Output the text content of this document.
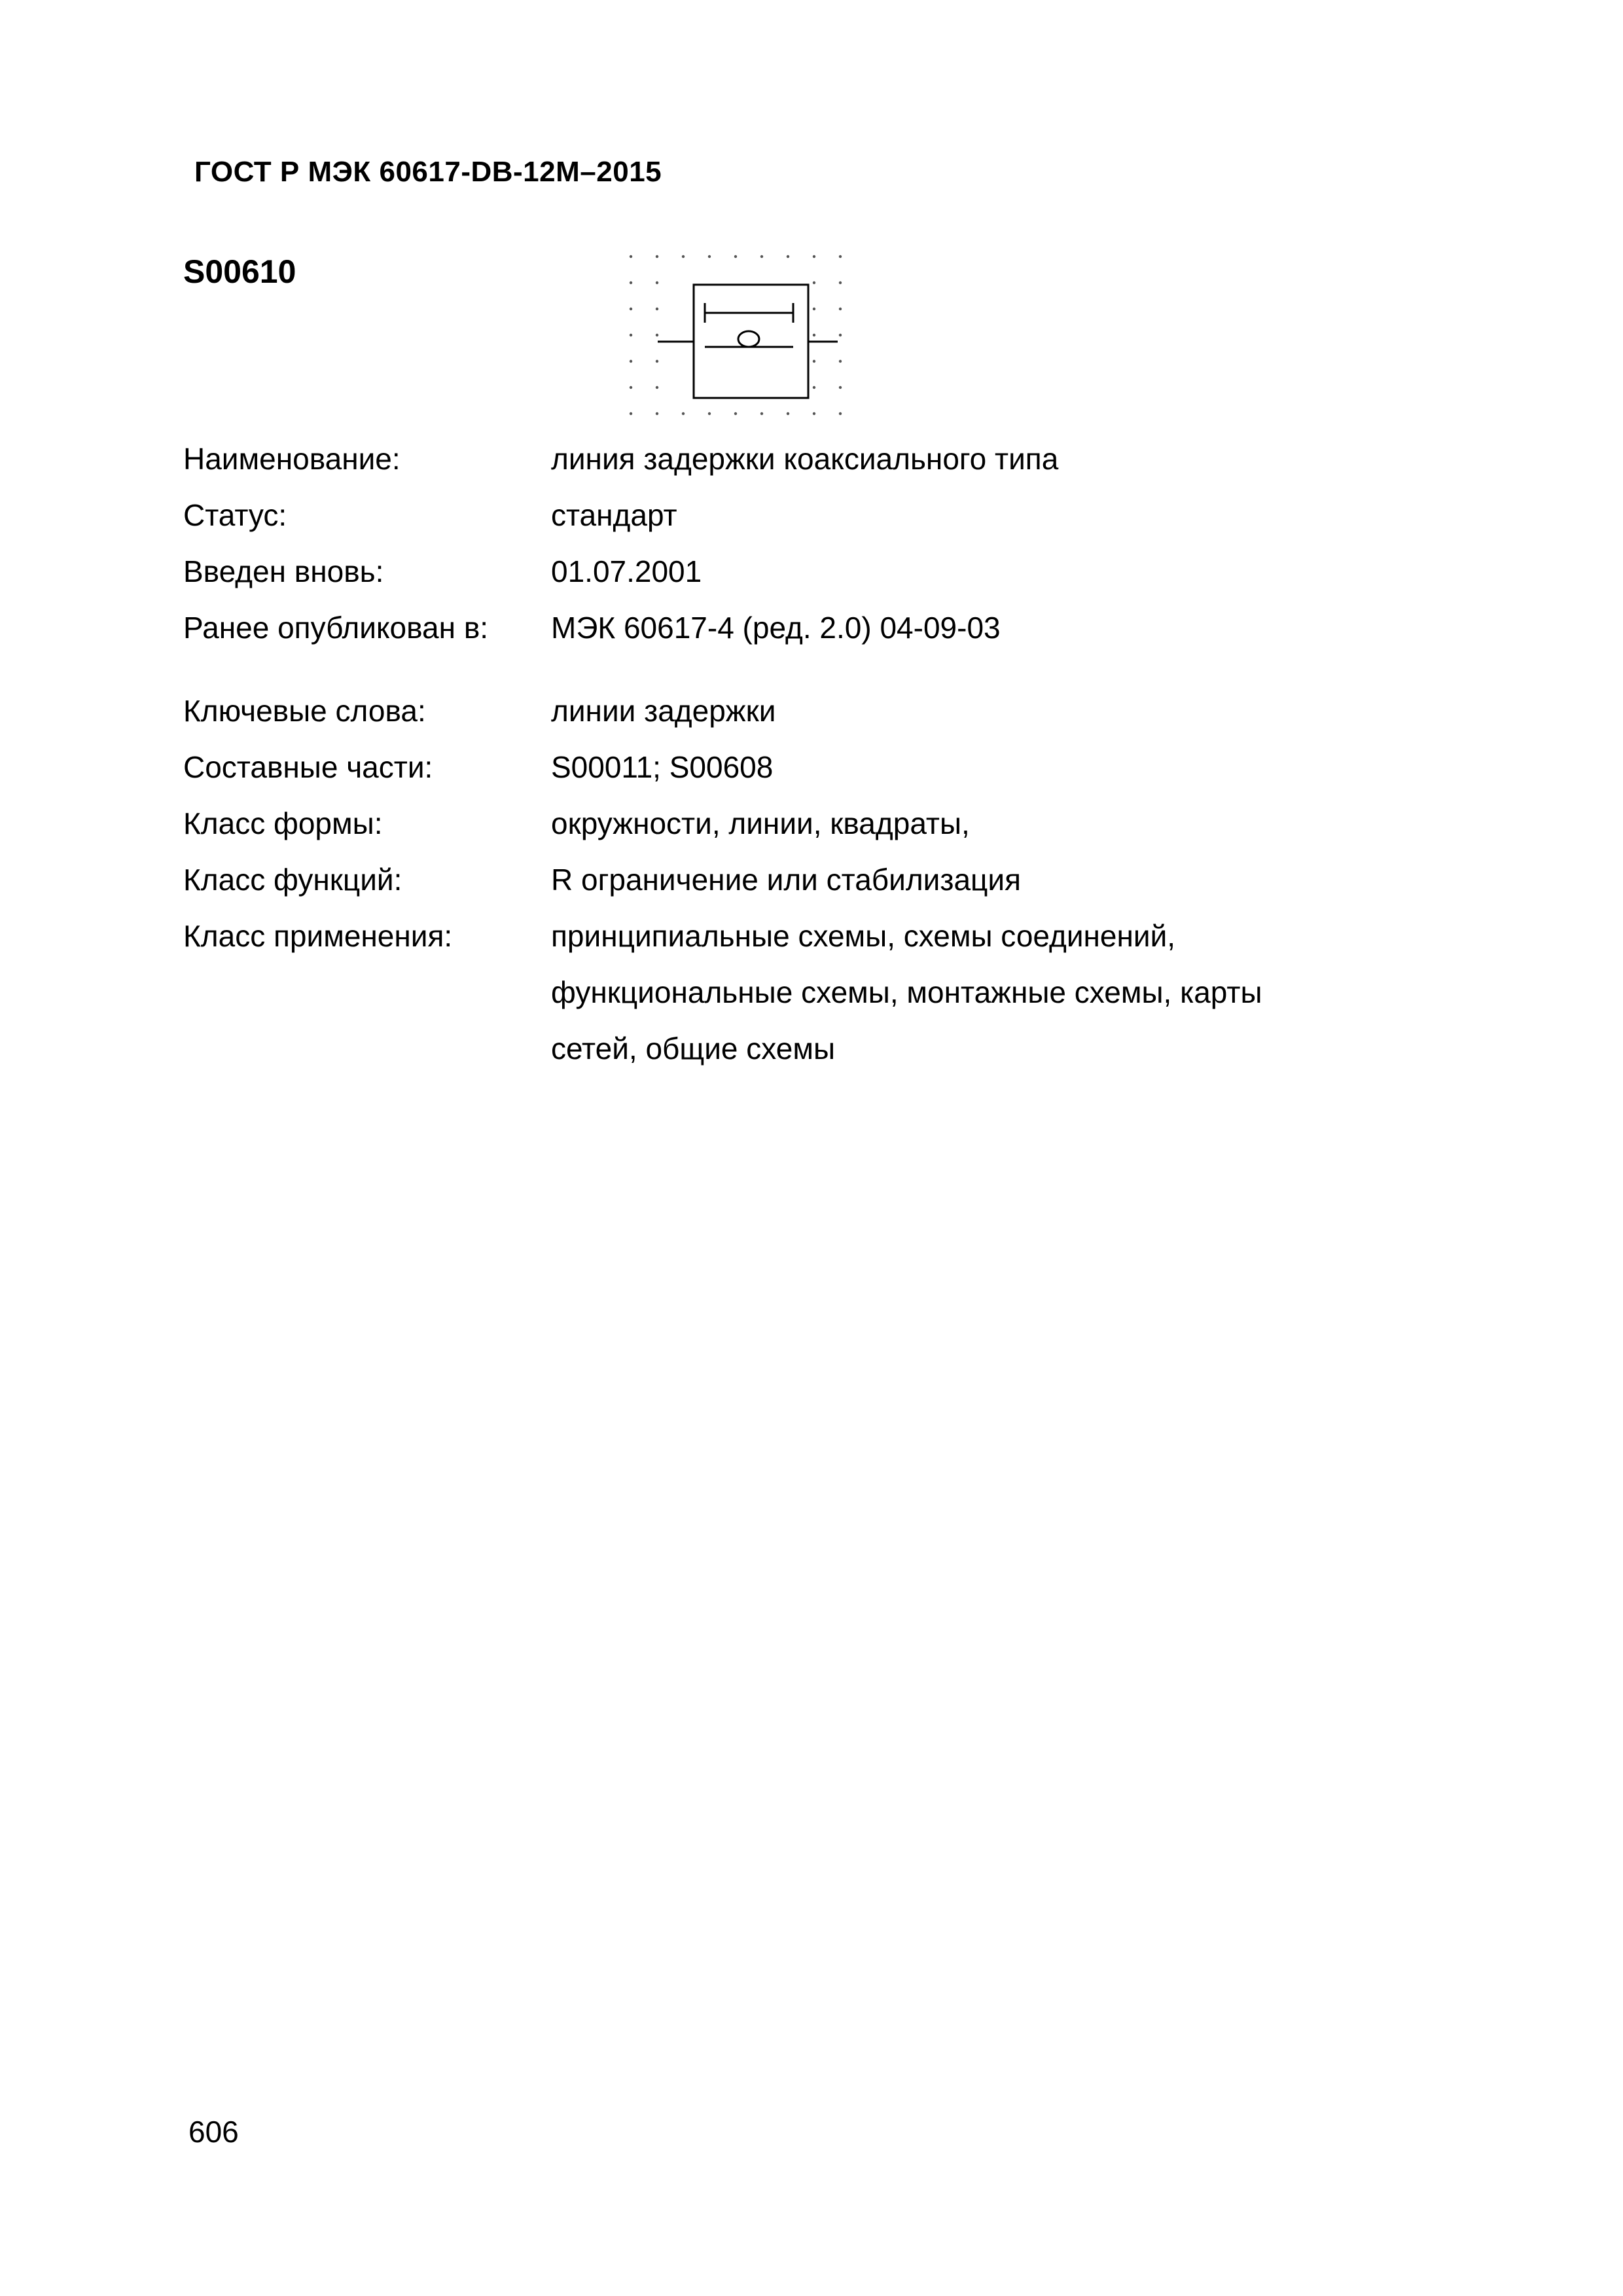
ГОСТ Р МЭК 60617-DB-12M–2015
S00610
Наименование:	линия задержки коаксиального типа
Статус:	стандарт
Введен вновь:	01.07.2001
Ранее опубликован в: МЭК 60617-4 (ред. 2.0) 04-09-03
Ключевые слова:	линии задержки
Составные части:	S00011; S00608
Класс формы:	окружности, линии, квадраты,
Класс функций:	R ограничение или стабилизация
Класс применения:	принципиальные схемы, схемы соединений,
функциональные схемы, монтажные схемы, карты
сетей, общие схемы
606
